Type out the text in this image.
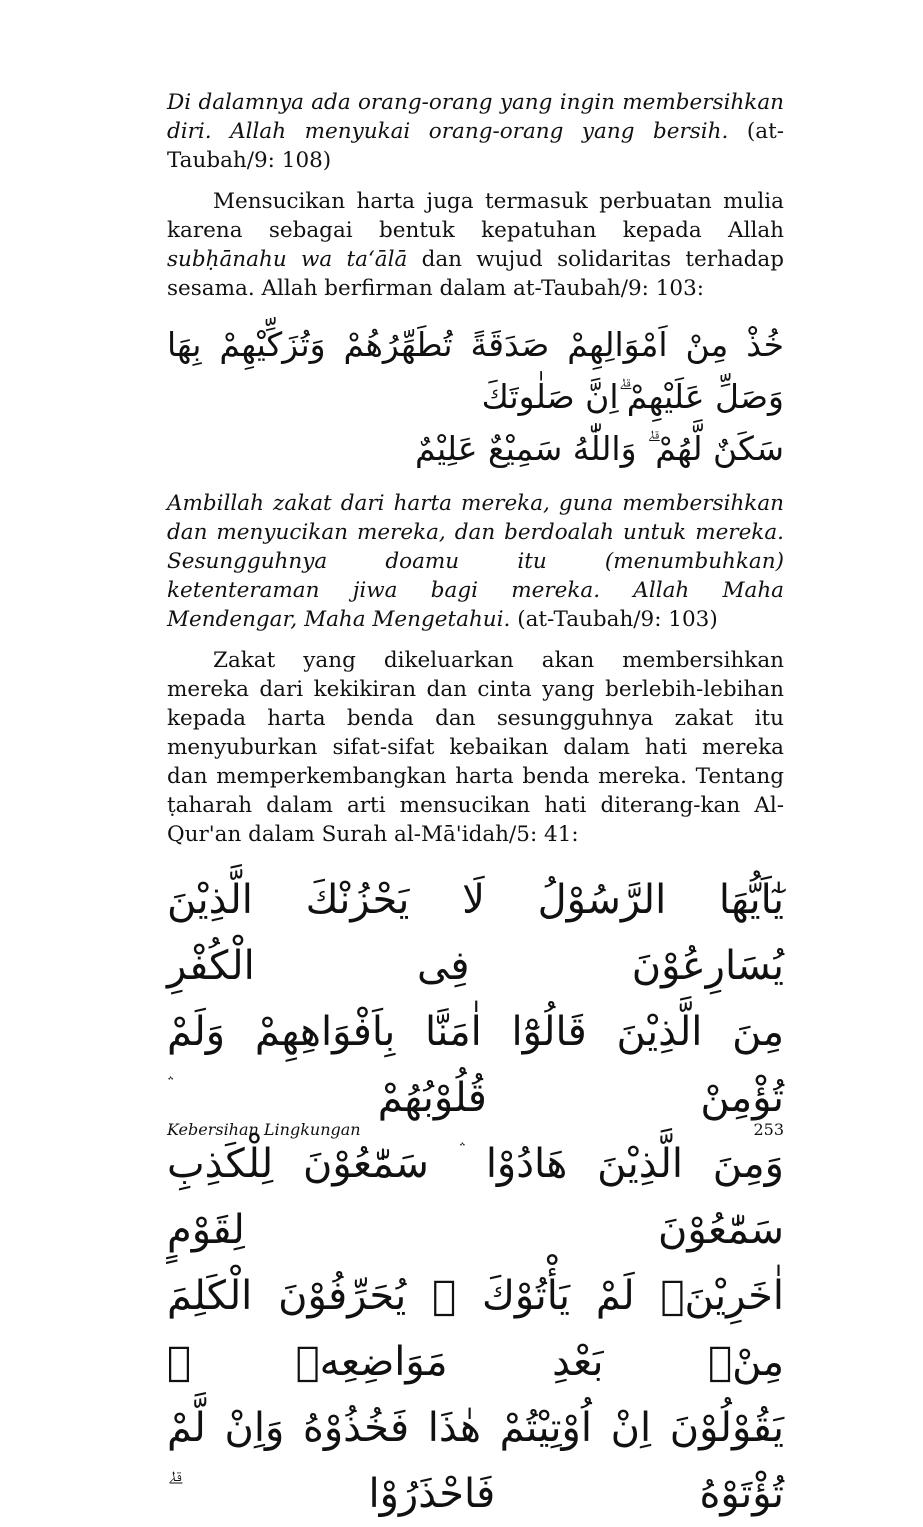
Di dalamnya ada orang-orang yang ingin membersihkan diri. Allah menyukai orang-orang yang bersih. (at-Taubah/9: 108)

Mensucikan harta juga termasuk perbuatan mulia karena sebagai bentuk kepatuhan kepada Allah subḥānahu wa ta‘ālā dan wujud solidaritas terhadap sesama. Allah berfirman dalam at-Taubah/9: 103:

خُذْ مِنْ اَمْوَالِهِمْ صَدَقَةً تُطَهِّرُهُمْ وَتُزَكِّيْهِمْ بِهَا وَصَلِّ عَلَيْهِمْ ۗاِنَّ صَلٰوتَكَ
سَكَنٌ لَّهُمْ ۗ وَاللّٰهُ سَمِيْعٌ عَلِيْمٌ

Ambillah zakat dari harta mereka, guna membersihkan dan menyucikan mereka, dan berdoalah untuk mereka. Sesungguhnya doamu itu (menumbuhkan) ketenteraman jiwa bagi mereka. Allah Maha Mendengar, Maha Mengetahui. (at-Taubah/9: 103)

Zakat yang dikeluarkan akan membersihkan mereka dari kekikiran dan cinta yang berlebih-lebihan kepada harta benda dan sesungguhnya zakat itu menyuburkan sifat-sifat kebaikan dalam hati mereka dan memperkembangkan harta benda mereka. Tentang ṭaharah dalam arti mensucikan hati diterang-kan Al-Qur'an dalam Surah al-Mā'idah/5: 41:

يٰٓاَيُّهَا الرَّسُوْلُ لَا يَحْزُنْكَ الَّذِيْنَ يُسَارِعُوْنَ فِى الْكُفْرِ
مِنَ الَّذِيْنَ قَالُوْٓا اٰمَنَّا بِاَفْوَاهِهِمْ وَلَمْ تُؤْمِنْ قُلُوْبُهُمْ ۛ
وَمِنَ الَّذِيْنَ هَادُوْا ۛ سَمّٰعُوْنَ لِلْكَذِبِ سَمّٰعُوْنَ لِقَوْمٍ
اٰخَرِيْنَۙ لَمْ يَأْتُوْكَ ۗ يُحَرِّفُوْنَ الْكَلِمَ مِنْۢ بَعْدِ مَوَاضِعِهٖ ۚ
يَقُوْلُوْنَ اِنْ اُوْتِيْتُمْ هٰذَا فَخُذُوْهُ وَاِنْ لَّمْ تُؤْتَوْهُ فَاحْذَرُوْا ۗ
Kebersihan Lingkungan	253
